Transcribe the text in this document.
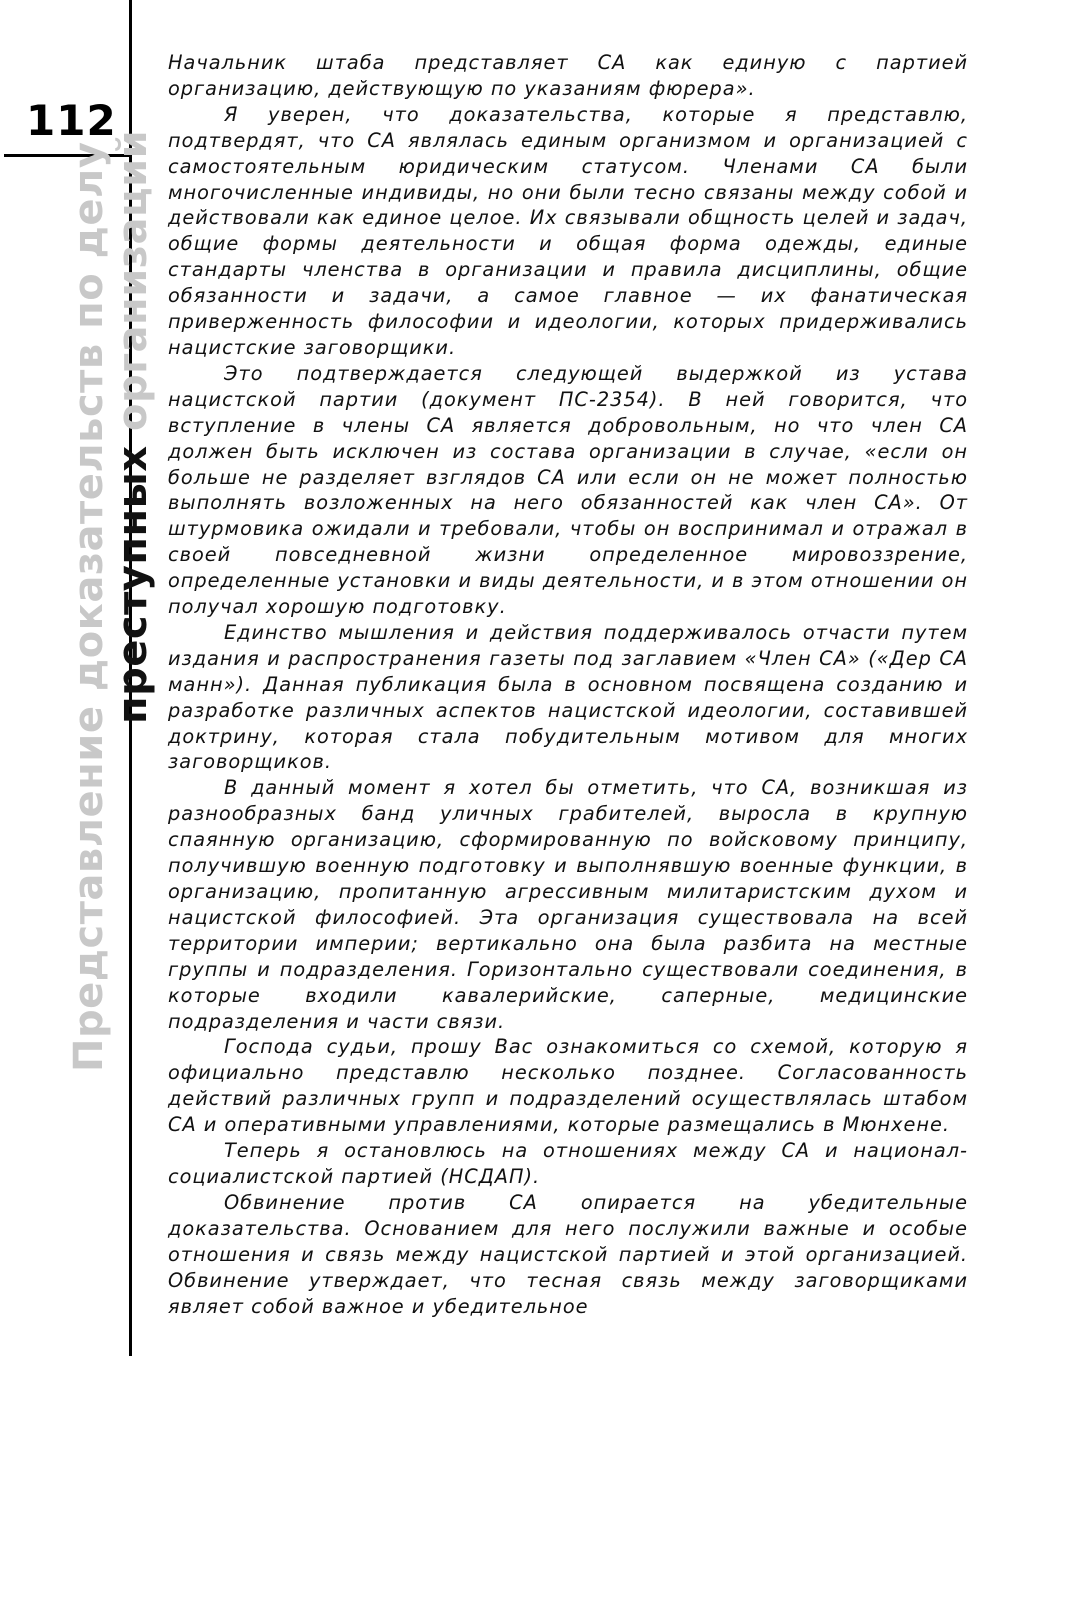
112
Представление доказательств по делу
преступных организаций

Начальник штаба представляет СА как единую с партией организацию, действующую по указаниям фюрера».

Я уверен, что доказательства, которые я представлю, подтвердят, что СА являлась единым организмом и организацией с самостоятельным юридическим статусом. Членами СА были многочисленные индивиды, но они были тесно связаны между собой и действовали как единое целое. Их связывали общность целей и задач, общие формы деятельности и общая форма одежды, единые стандарты членства в организации и правила дисциплины, общие обязанности и задачи, а самое главное — их фанатическая приверженность философии и идеологии, которых придерживались нацистские заговорщики.

Это подтверждается следующей выдержкой из устава нацистской партии (документ ПС-2354). В ней говорится, что вступление в члены СА является добровольным, но что член СА должен быть исключен из состава организации в случае, «если он больше не разделяет взглядов СА или если он не может полностью выполнять возложенных на него обязанностей как член СА». От штурмовика ожидали и требовали, чтобы он воспринимал и отражал в своей повседневной жизни определенное мировоззрение, определенные установки и виды деятельности, и в этом отношении он получал хорошую подготовку.

Единство мышления и действия поддерживалось отчасти путем издания и распространения газеты под заглавием «Член СА» («Дер СА манн»). Данная публикация была в основном посвящена созданию и разработке различных аспектов нацистской идеологии, составившей доктрину, которая стала побудительным мотивом для многих заговорщиков.

В данный момент я хотел бы отметить, что СА, возникшая из разнообразных банд уличных грабителей, выросла в крупную спаянную организацию, сформированную по войсковому принципу, получившую военную подготовку и выполнявшую военные функции, в организацию, пропитанную агрессивным милитаристским духом и нацистской философией. Эта организация существовала на всей территории империи; вертикально она была разбита на местные группы и подразделения. Горизонтально существовали соединения, в которые входили кавалерийские, саперные, медицинские подразделения и части связи.

Господа судьи, прошу Вас ознакомиться со схемой, которую я официально представлю несколько позднее. Согласованность действий различных групп и подразделений осуществлялась штабом СА и оперативными управлениями, которые размещались в Мюнхене.

Теперь я остановлюсь на отношениях между СА и национал-социалистской партией (НСДАП).

Обвинение против СА опирается на убедительные доказательства. Основанием для него послужили важные и особые отношения и связь между нацистской партией и этой организацией. Обвинение утверждает, что тесная связь между заговорщиками являет собой важное и убедительное
